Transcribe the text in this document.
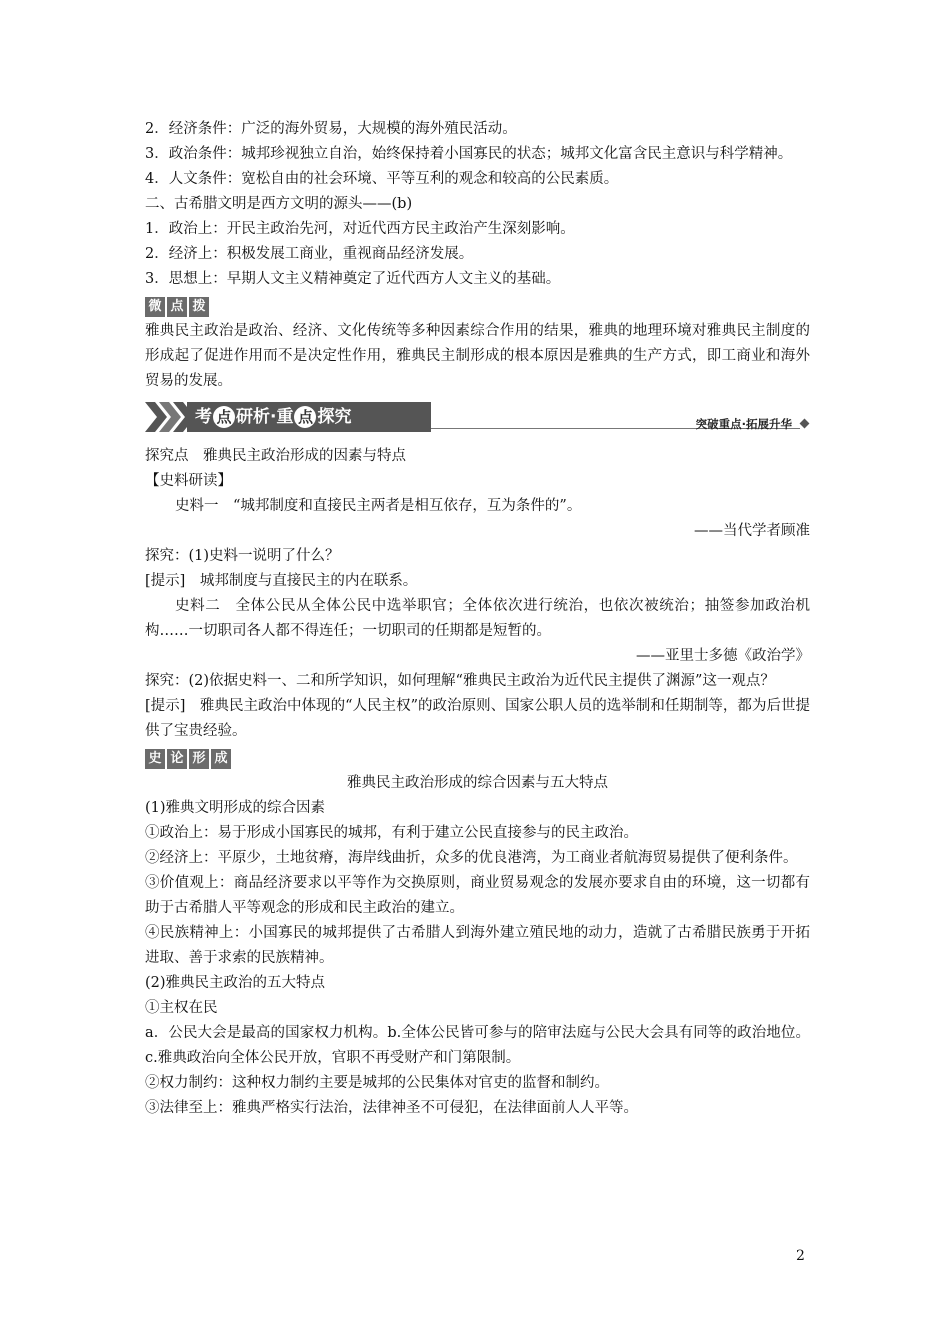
2．经济条件：广泛的海外贸易，大规模的海外殖民活动。

3．政治条件：城邦珍视独立自治，始终保持着小国寡民的状态；城邦文化富含民主意识与科学精神。

4．人文条件：宽松自由的社会环境、平等互利的观念和较高的公民素质。

二、古希腊文明是西方文明的源头——(b)

1．政治上：开民主政治先河，对近代西方民主政治产生深刻影响。

2．经济上：积极发展工商业，重视商品经济发展。

3．思想上：早期人文主义精神奠定了近代西方人文主义的基础。

微 点 拨

雅典民主政治是政治、经济、文化传统等多种因素综合作用的结果，雅典的地理环境对雅典民主制度的形成起了促进作用而不是决定性作用，雅典民主制形成的根本原因是雅典的生产方式，即工商业和海外贸易的发展。

考 点 研析·重 点 探究	突破重点·拓展升华

探究点　雅典民主政治形成的因素与特点

【史料研读】

史料一　“城邦制度和直接民主两者是相互依存，互为条件的”。

——当代学者顾准

探究：(1)史料一说明了什么？

[提示]　城邦制度与直接民主的内在联系。

史料二　全体公民从全体公民中选举职官；全体依次进行统治，也依次被统治；抽签参加政治机构……一切职司各人都不得连任；一切职司的任期都是短暂的。

——亚里士多德《政治学》

探究：(2)依据史料一、二和所学知识，如何理解“雅典民主政治为近代民主提供了渊源”这一观点？

[提示]　雅典民主政治中体现的“人民主权”的政治原则、国家公职人员的选举制和任期制等，都为后世提供了宝贵经验。

史 论 形 成

雅典民主政治形成的综合因素与五大特点

(1)雅典文明形成的综合因素

①政治上：易于形成小国寡民的城邦，有利于建立公民直接参与的民主政治。

②经济上：平原少，土地贫瘠，海岸线曲折，众多的优良港湾，为工商业者航海贸易提供了便利条件。

③价值观上：商品经济要求以平等作为交换原则，商业贸易观念的发展亦要求自由的环境，这一切都有助于古希腊人平等观念的形成和民主政治的建立。

④民族精神上：小国寡民的城邦提供了古希腊人到海外建立殖民地的动力，造就了古希腊民族勇于开拓进取、善于求索的民族精神。

(2)雅典民主政治的五大特点

①主权在民

a．公民大会是最高的国家权力机构。b.全体公民皆可参与的陪审法庭与公民大会具有同等的政治地位。c.雅典政治向全体公民开放，官职不再受财产和门第限制。

②权力制约：这种权力制约主要是城邦的公民集体对官吏的监督和制约。

③法律至上：雅典严格实行法治，法律神圣不可侵犯，在法律面前人人平等。

2
